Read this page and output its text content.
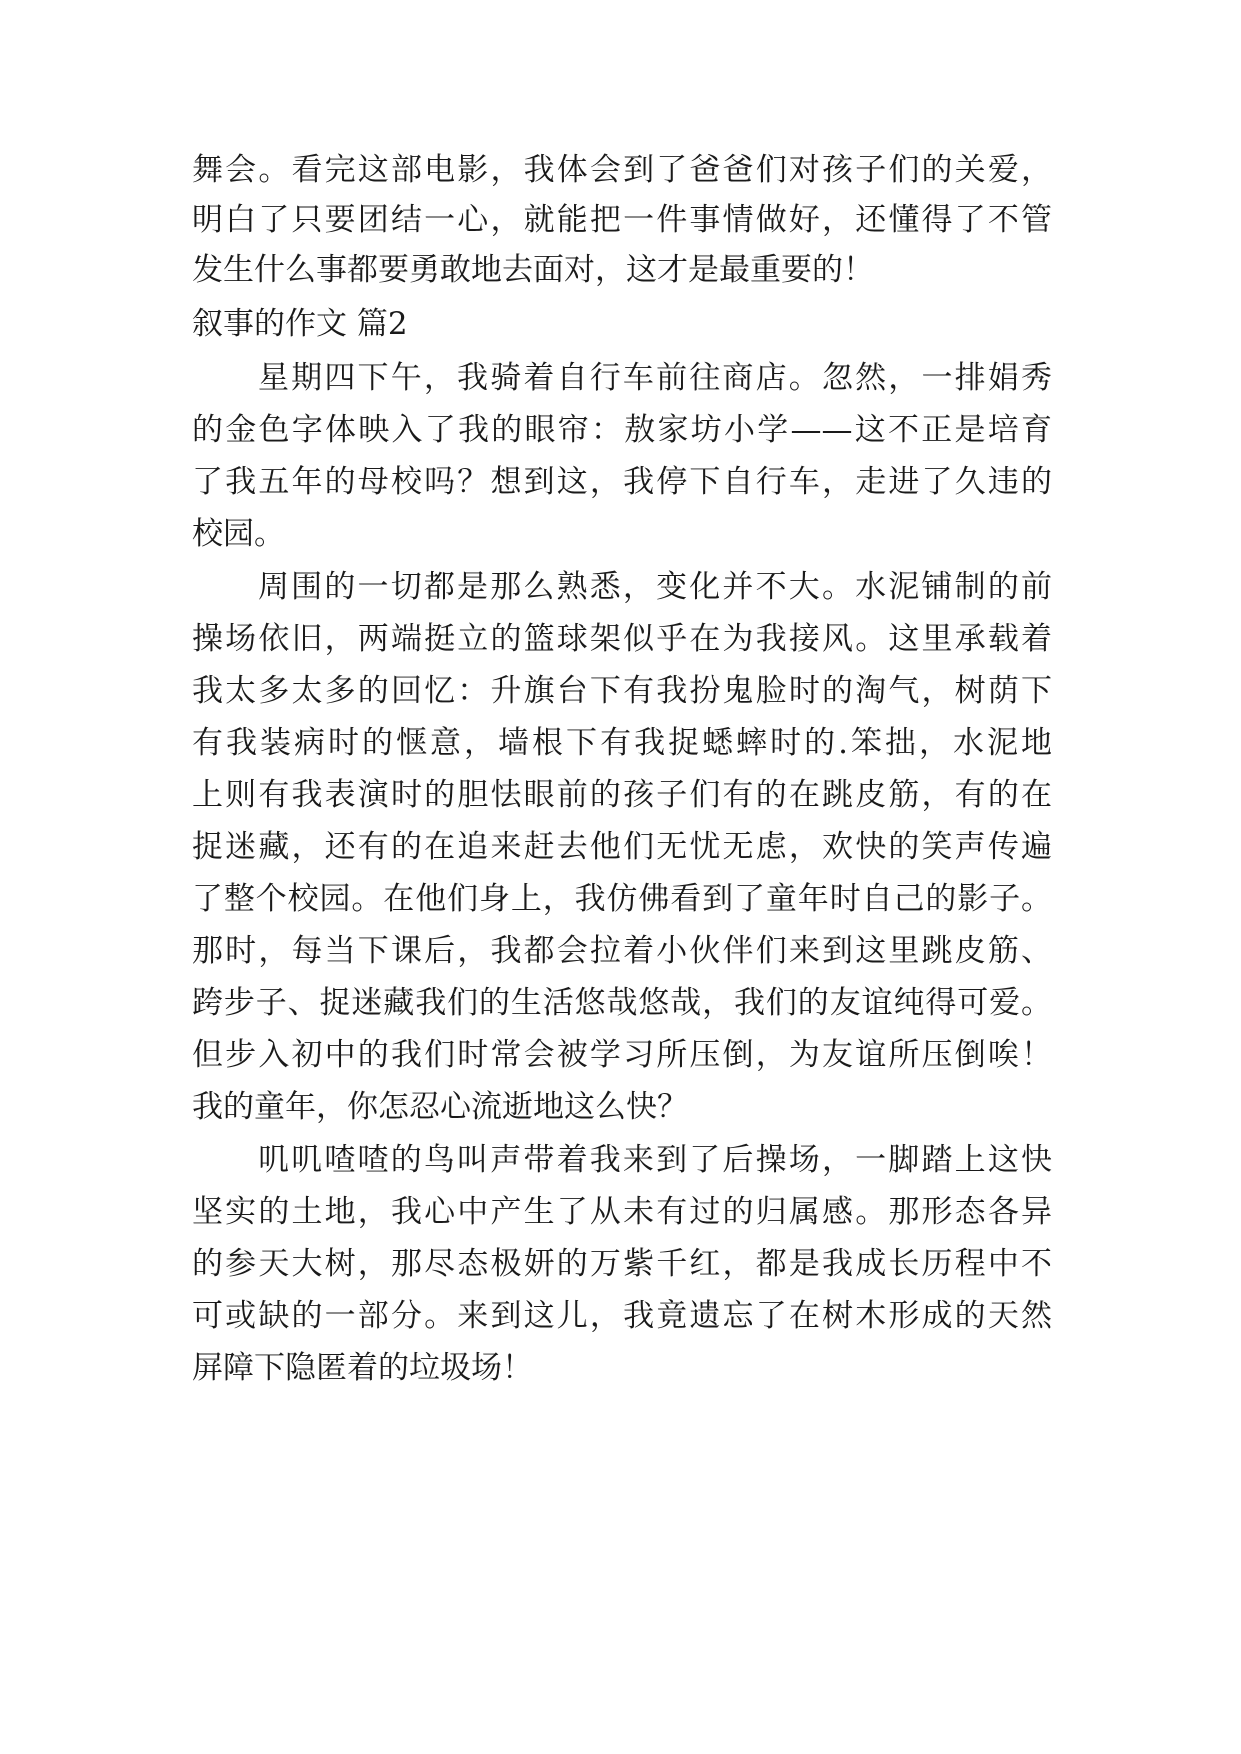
舞会。看完这部电影，我体会到了爸爸们对孩子们的关爱，
明白了只要团结一心，就能把一件事情做好，还懂得了不管
发生什么事都要勇敢地去面对，这才是最重要的！
叙事的作文 篇2
星期四下午，我骑着自行车前往商店。忽然，一排娟秀
的金色字体映入了我的眼帘：敖家坊小学——这不正是培育
了我五年的母校吗？想到这，我停下自行车，走进了久违的
校园。
周围的一切都是那么熟悉，变化并不大。水泥铺制的前
操场依旧，两端挺立的篮球架似乎在为我接风。这里承载着
我太多太多的回忆：升旗台下有我扮鬼脸时的淘气，树荫下
有我装病时的惬意，墙根下有我捉蟋蟀时的.笨拙，水泥地
上则有我表演时的胆怯眼前的孩子们有的在跳皮筋，有的在
捉迷藏，还有的在追来赶去他们无忧无虑，欢快的笑声传遍
了整个校园。在他们身上，我仿佛看到了童年时自己的影子。
那时，每当下课后，我都会拉着小伙伴们来到这里跳皮筋、
跨步子、捉迷藏我们的生活悠哉悠哉，我们的友谊纯得可爱。
但步入初中的我们时常会被学习所压倒，为友谊所压倒唉！
我的童年，你怎忍心流逝地这么快？
叽叽喳喳的鸟叫声带着我来到了后操场，一脚踏上这快
坚实的土地，我心中产生了从未有过的归属感。那形态各异
的参天大树，那尽态极妍的万紫千红，都是我成长历程中不
可或缺的一部分。来到这儿，我竟遗忘了在树木形成的天然
屏障下隐匿着的垃圾场！
